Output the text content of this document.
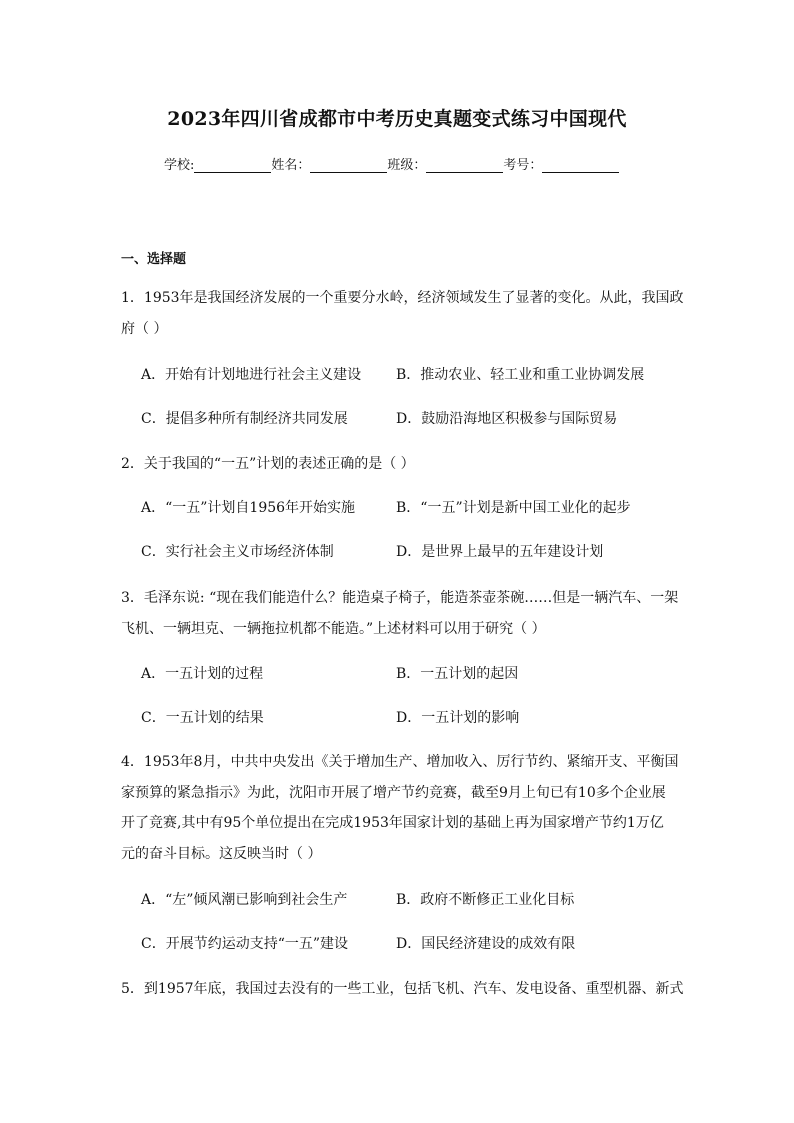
2023年四川省成都市中考历史真题变式练习中国现代
学校:	姓名：	班级：	考号：
一、选择题
1．1953年是我国经济发展的一个重要分水岭，经济领域发生了显著的变化。从此，我国政
府（ ）
A．开始有计划地进行社会主义建设 B．推动农业、轻工业和重工业协调发展
C．提倡多种所有制经济共同发展	D．鼓励沿海地区积极参与国际贸易
2．关于我国的“一五”计划的表述正确的是（ ）
A．“一五”计划自1956年开始实施	B．“一五”计划是新中国工业化的起步
C．实行社会主义市场经济体制	D．是世界上最早的五年建设计划
3．毛泽东说: “现在我们能造什么？能造桌子椅子，能造茶壶茶碗……但是一辆汽车、一架
飞机、一辆坦克、一辆拖拉机都不能造。”上述材料可以用于研究（ ）
A．一五计划的过程	B．一五计划的起因
C．一五计划的结果	D．一五计划的影响
4．1953年8月，中共中央发出《关于增加生产、增加收入、厉行节约、紧缩开支、平衡国
家预算的紧急指示》为此，沈阳市开展了增产节约竞赛，截至9月上旬已有10多个企业展
开了竞赛,其中有95个单位提出在完成1953年国家计划的基础上再为国家增产节约1万亿
元的奋斗目标。这反映当时（ ）
A．“左”倾风潮已影响到社会生产	B．政府不断修正工业化目标
C．开展节约运动支持“一五”建设	D．国民经济建设的成效有限
5．到1957年底，我国过去没有的一些工业，包括飞机、汽车、发电设备、重型机器、新式
